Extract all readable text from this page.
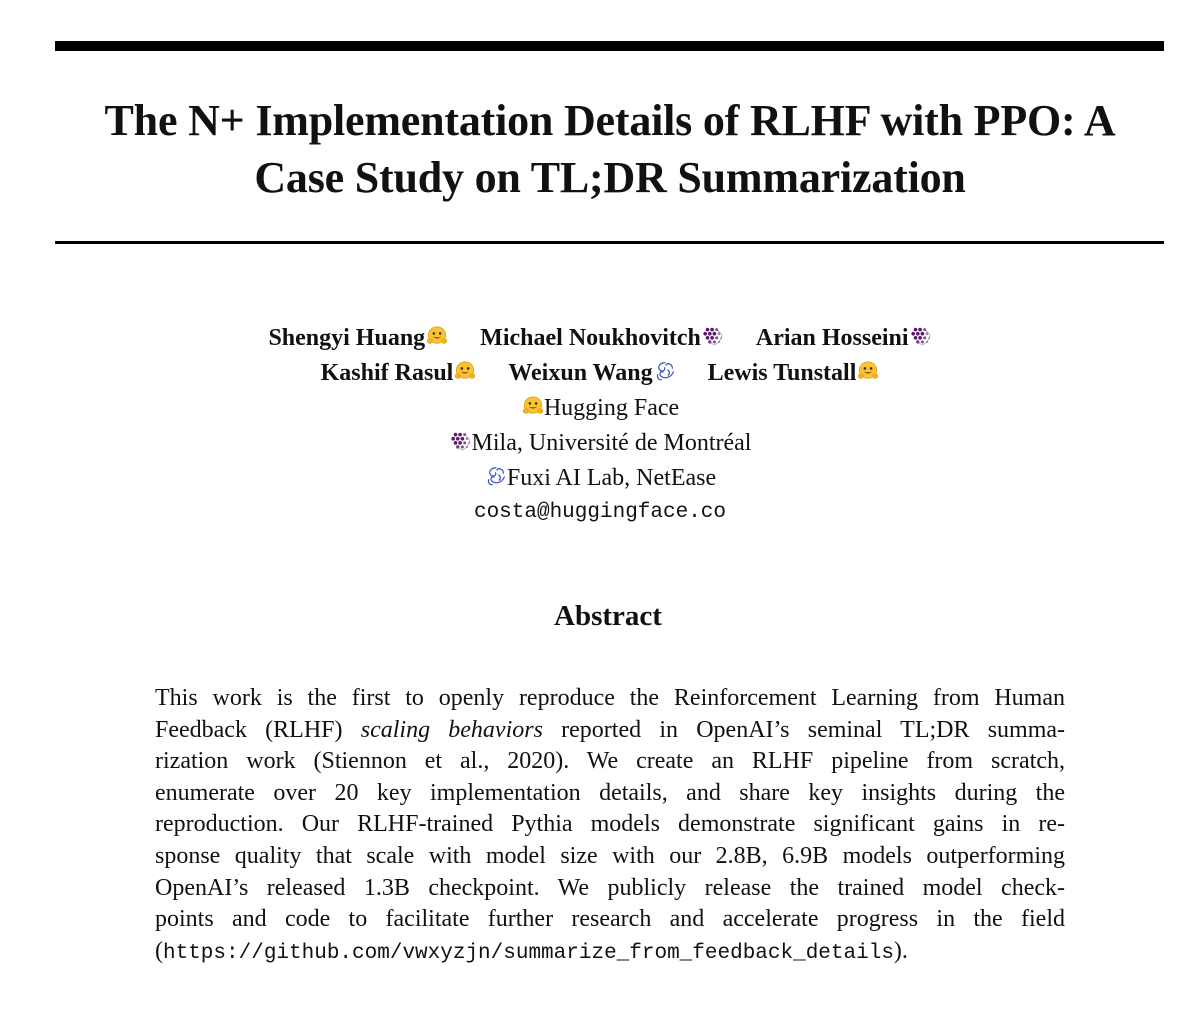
The N+ Implementation Details of RLHF with PPO: A
Case Study on TL;DR Summarization
Shengyi Huang Michael Noukhovitch Arian Hosseini
Kashif Rasul Weixun Wang Lewis Tunstall
Hugging Face
Mila, Université de Montréal
Fuxi AI Lab, NetEase
costa@huggingface.co
Abstract
This work is the first to openly reproduce the Reinforcement Learning from Human
Feedback (RLHF) scaling behaviors reported in OpenAI’s seminal TL;DR summa-
rization work (Stiennon et al., 2020). We create an RLHF pipeline from scratch,
enumerate over 20 key implementation details, and share key insights during the
reproduction. Our RLHF-trained Pythia models demonstrate significant gains in re-
sponse quality that scale with model size with our 2.8B, 6.9B models outperforming
OpenAI’s released 1.3B checkpoint. We publicly release the trained model check-
points and code to facilitate further research and accelerate progress in the field
(https://github.com/vwxyzjn/summarize_from_feedback_details).
